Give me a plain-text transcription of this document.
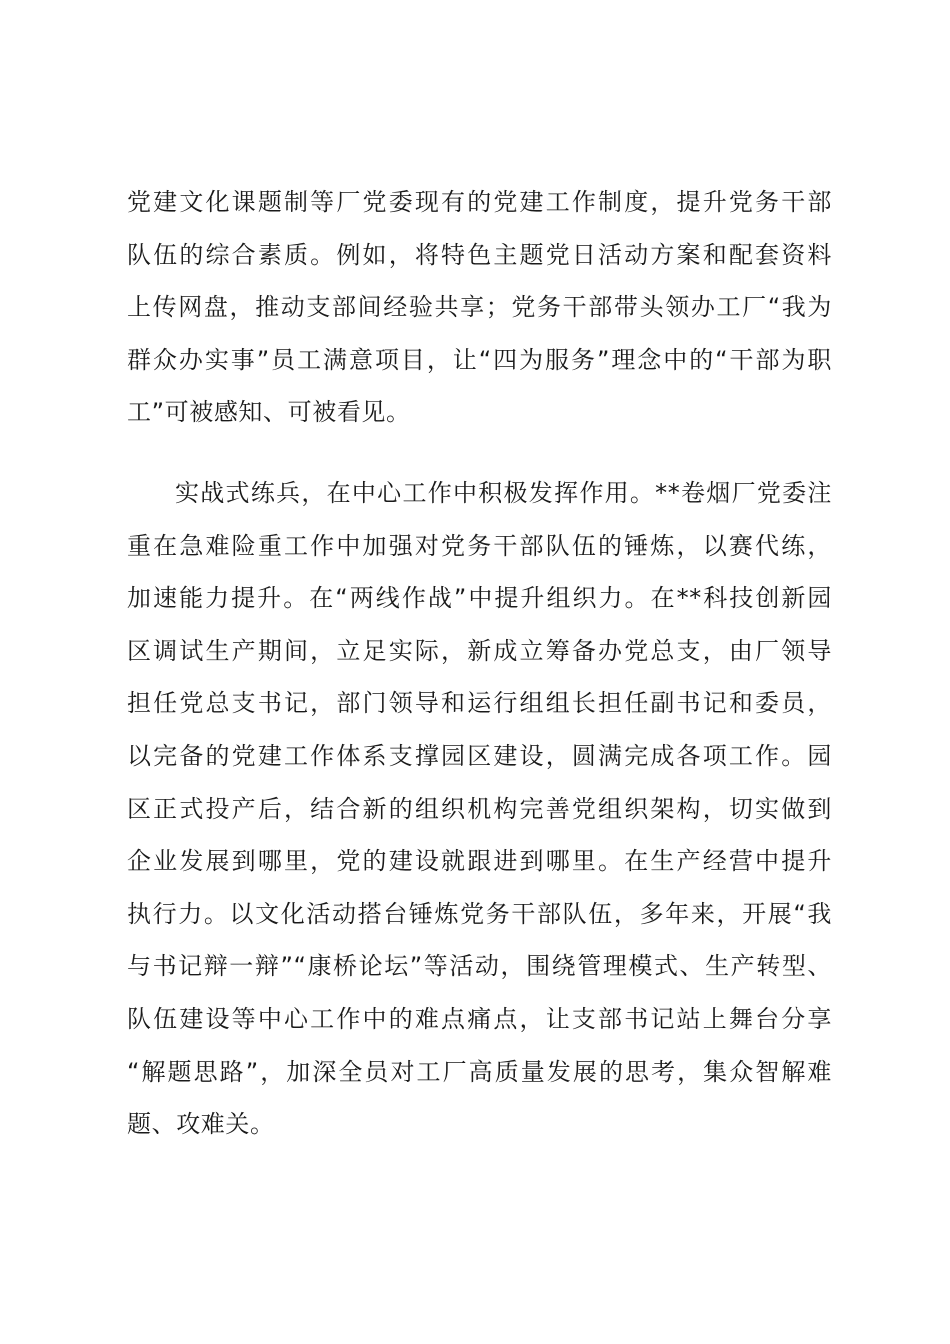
党建文化课题制等厂党委现有的党建工作制度，提升党务干部
队伍的综合素质。例如，将特色主题党日活动方案和配套资料
上传网盘，推动支部间经验共享；党务干部带头领办工厂“我为
群众办实事”员工满意项目，让“四为服务”理念中的“干部为职
工”可被感知、可被看见。
实战式练兵，在中心工作中积极发挥作用。**卷烟厂党委注
重在急难险重工作中加强对党务干部队伍的锤炼，以赛代练，
加速能力提升。在“两线作战”中提升组织力。在**科技创新园
区调试生产期间，立足实际，新成立筹备办党总支，由厂领导
担任党总支书记，部门领导和运行组组长担任副书记和委员，
以完备的党建工作体系支撑园区建设，圆满完成各项工作。园
区正式投产后，结合新的组织机构完善党组织架构，切实做到
企业发展到哪里，党的建设就跟进到哪里。在生产经营中提升
执行力。以文化活动搭台锤炼党务干部队伍，多年来，开展“我
与书记辩一辩”“康桥论坛”等活动，围绕管理模式、生产转型、
队伍建设等中心工作中的难点痛点，让支部书记站上舞台分享
“解题思路”，加深全员对工厂高质量发展的思考，集众智解难
题、攻难关。
